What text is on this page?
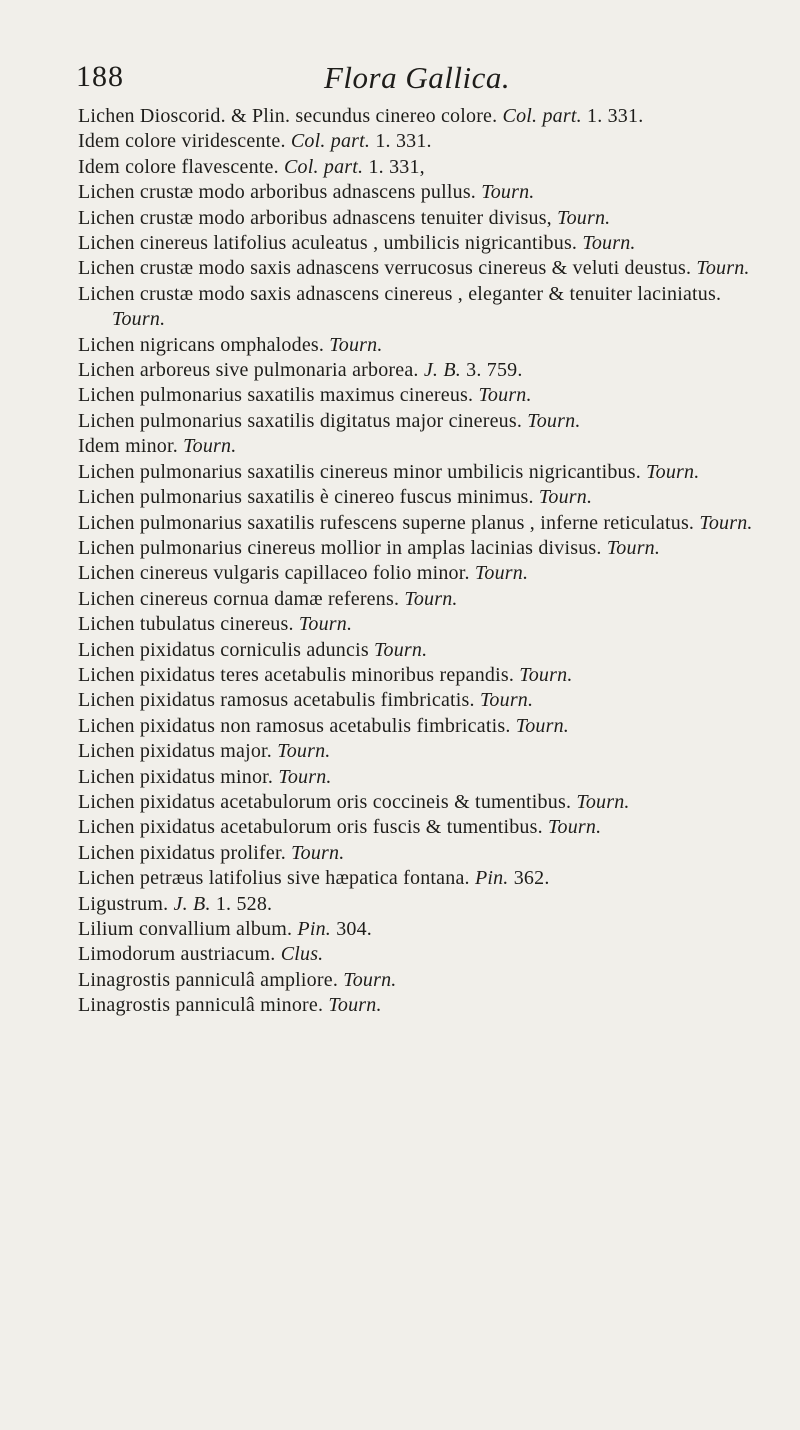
188	Flora Gallica.
Lichen Dioscorid. & Plin. secundus cinereo colore. Col. part. 1. 331.
Idem colore viridescente. Col. part. 1. 331.
Idem colore flavescente. Col. part. 1. 331,
Lichen crustæ modo arboribus adnascens pullus. Tourn.
Lichen crustæ modo arboribus adnascens tenuiter divisus, Tourn.
Lichen cinereus latifolius aculeatus , umbilicis nigricantibus. Tourn.
Lichen crustæ modo saxis adnascens verrucosus cinereus & veluti deustus. Tourn.
Lichen crustæ modo saxis adnascens cinereus , eleganter & tenuiter laciniatus. Tourn.
Lichen nigricans omphalodes. Tourn.
Lichen arboreus sive pulmonaria arborea. J. B. 3. 759.
Lichen pulmonarius saxatilis maximus cinereus. Tourn.
Lichen pulmonarius saxatilis digitatus major cinereus. Tourn.
Idem minor. Tourn.
Lichen pulmonarius saxatilis cinereus minor umbilicis nigricantibus. Tourn.
Lichen pulmonarius saxatilis è cinereo fuscus minimus. Tourn.
Lichen pulmonarius saxatilis rufescens superne planus , inferne reticulatus. Tourn.
Lichen pulmonarius cinereus mollior in amplas lacinias divisus. Tourn.
Lichen cinereus vulgaris capillaceo folio minor. Tourn.
Lichen cinereus cornua damæ referens. Tourn.
Lichen tubulatus cinereus. Tourn.
Lichen pixidatus corniculis aduncis Tourn.
Lichen pixidatus teres acetabulis minoribus repandis. Tourn.
Lichen pixidatus ramosus acetabulis fimbricatis. Tourn.
Lichen pixidatus non ramosus acetabulis fimbricatis. Tourn.
Lichen pixidatus major. Tourn.
Lichen pixidatus minor. Tourn.
Lichen pixidatus acetabulorum oris coccineis & tumentibus. Tourn.
Lichen pixidatus acetabulorum oris fuscis & tumentibus. Tourn.
Lichen pixidatus prolifer. Tourn.
Lichen petræus latifolius sive hæpatica fontana. Pin. 362.
Ligustrum. J. B. 1. 528.
Lilium convallium album. Pin. 304.
Limodorum austriacum. Clus.
Linagrostis panniculâ ampliore. Tourn.
Linagrostis panniculâ minore. Tourn.
